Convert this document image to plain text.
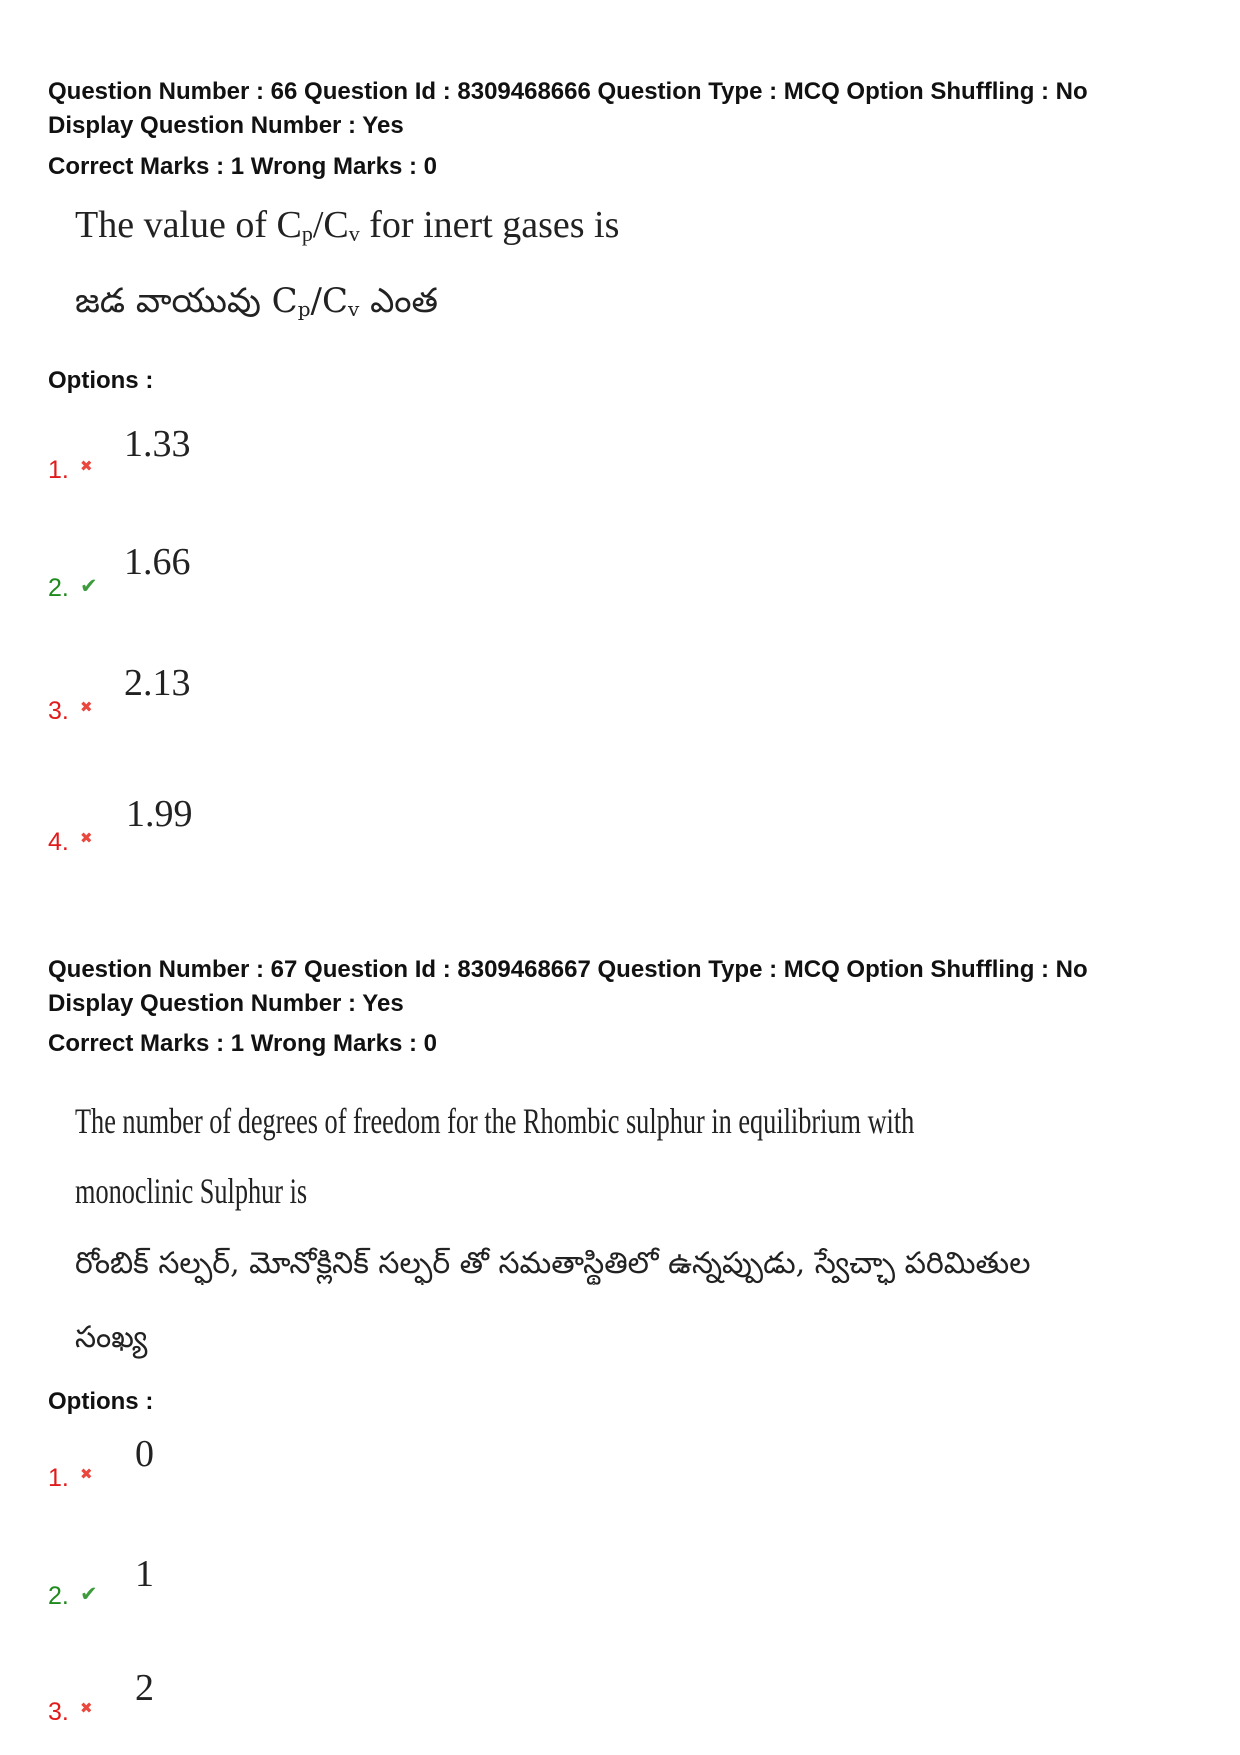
Question Number : 66 Question Id : 8309468666 Question Type : MCQ Option Shuffling : No
Display Question Number : Yes
Correct Marks : 1 Wrong Marks : 0
The value of $C_p/C_v$ for inert gases is
జడ వాయువు $C_p/C_v$ ఎంత
Options :
1. ✖
1.33
2. ✔
1.66
3. ✖
2.13
4. ✖
1.99
Question Number : 67 Question Id : 8309468667 Question Type : MCQ Option Shuffling : No
Display Question Number : Yes
Correct Marks : 1 Wrong Marks : 0
The number of degrees of freedom for the Rhombic sulphur in equilibrium with
monoclinic Sulphur is
రోంబిక్ సల్ఫర్, మోనోక్లినిక్ సల్ఫర్ తో సమతాస్థితిలో ఉన్నప్పుడు, స్వేచ్ఛా పరిమితుల
సంఖ్య
Options :
1. ✖ 0
2. ✔ 1
3. ✖ 2
